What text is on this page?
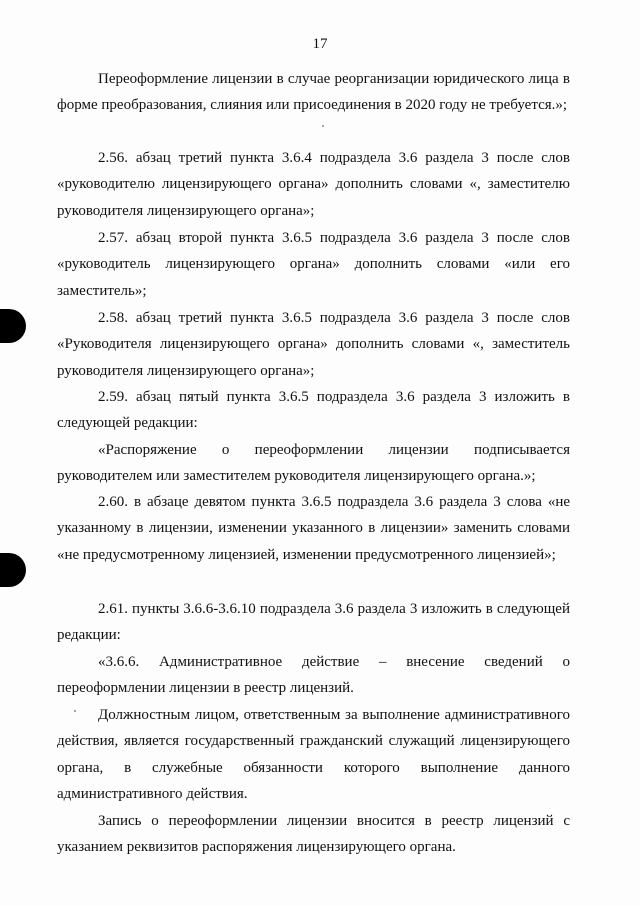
17

Переоформление лицензии в случае реорганизации юридического лица в форме преобразования, слияния или присоединения в 2020 году не требуется.»;

2.56. абзац третий пункта 3.6.4 подраздела 3.6 раздела 3 после слов «руководителю лицензирующего органа» дополнить словами «, заместителю руководителя лицензирующего органа»;

2.57. абзац второй пункта 3.6.5 подраздела 3.6 раздела 3 после слов «руководитель лицензирующего органа» дополнить словами «или его заместитель»;

2.58. абзац третий пункта 3.6.5 подраздела 3.6 раздела 3 после слов «Руководителя лицензирующего органа» дополнить словами «, заместитель руководителя лицензирующего органа»;

2.59. абзац пятый пункта 3.6.5 подраздела 3.6 раздела 3 изложить в следующей редакции:

«Распоряжение о переоформлении лицензии подписывается руководителем или заместителем руководителя лицензирующего органа.»;

2.60. в абзаце девятом пункта 3.6.5 подраздела 3.6 раздела 3 слова «не указанному в лицензии, изменении указанного в лицензии» заменить словами «не предусмотренному лицензией, изменении предусмотренного лицензией»;

2.61. пункты 3.6.6-3.6.10 подраздела 3.6 раздела 3 изложить в следующей редакции:

«3.6.6. Административное действие – внесение сведений о переоформлении лицензии в реестр лицензий.

Должностным лицом, ответственным за выполнение административного действия, является государственный гражданский служащий лицензирующего органа, в служебные обязанности которого выполнение данного административного действия.

Запись о переоформлении лицензии вносится в реестр лицензий с указанием реквизитов распоряжения лицензирующего органа.
